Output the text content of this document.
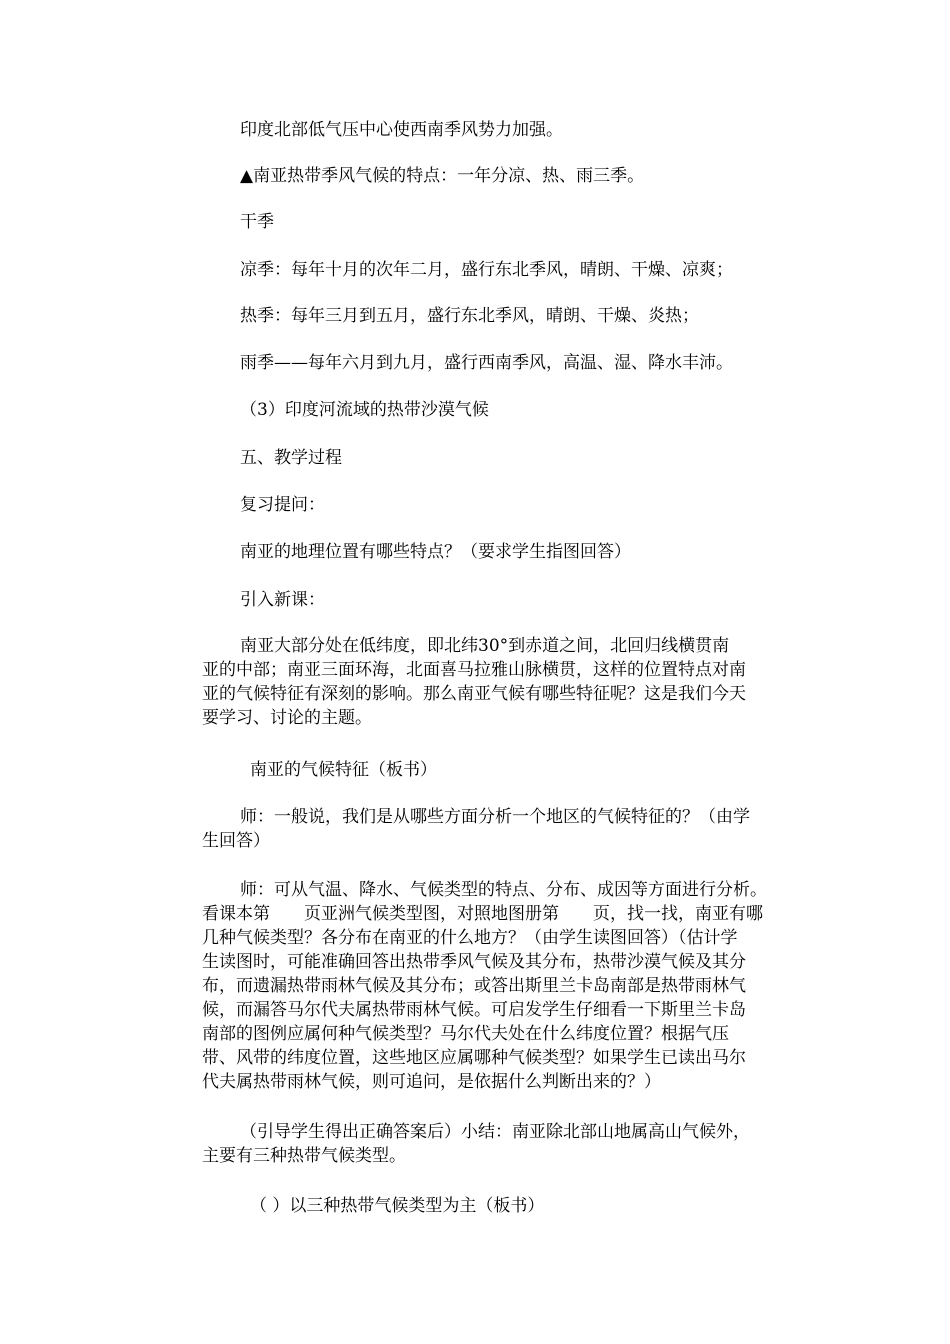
印度北部低气压中心使西南季风势力加强。
▲南亚热带季风气候的特点：一年分凉、热、雨三季。
干季
凉季：每年十月的次年二月，盛行东北季风，晴朗、干燥、凉爽；
热季：每年三月到五月，盛行东北季风，晴朗、干燥、炎热；
雨季——每年六月到九月，盛行西南季风，高温、湿、降水丰沛。
（3）印度河流域的热带沙漠气候
五、教学过程
复习提问：
南亚的地理位置有哪些特点？（要求学生指图回答）
引入新课：
南亚大部分处在低纬度，即北纬30°到赤道之间，北回归线横贯南
亚的中部；南亚三面环海，北面喜马拉雅山脉横贯，这样的位置特点对南
亚的气候特征有深刻的影响。那么南亚气候有哪些特征呢？这是我们今天
要学习、讨论的主题。
南亚的气候特征（板书）
师：一般说，我们是从哪些方面分析一个地区的气候特征的？（由学
生回答）
师：可从气温、降水、气候类型的特点、分布、成因等方面进行分析。
看课本第　　页亚洲气候类型图，对照地图册第　　页，找一找，南亚有哪
几种气候类型？各分布在南亚的什么地方？（由学生读图回答）（估计学
生读图时，可能准确回答出热带季风气候及其分布，热带沙漠气候及其分
布，而遗漏热带雨林气候及其分布；或答出斯里兰卡岛南部是热带雨林气
候，而漏答马尔代夫属热带雨林气候。可启发学生仔细看一下斯里兰卡岛
南部的图例应属何种气候类型？马尔代夫处在什么纬度位置？根据气压
带、风带的纬度位置，这些地区应属哪种气候类型？如果学生已读出马尔
代夫属热带雨林气候，则可追问，是依据什么判断出来的？）
（引导学生得出正确答案后）小结：南亚除北部山地属高山气候外，
主要有三种热带气候类型。
（ ）以三种热带气候类型为主（板书）
